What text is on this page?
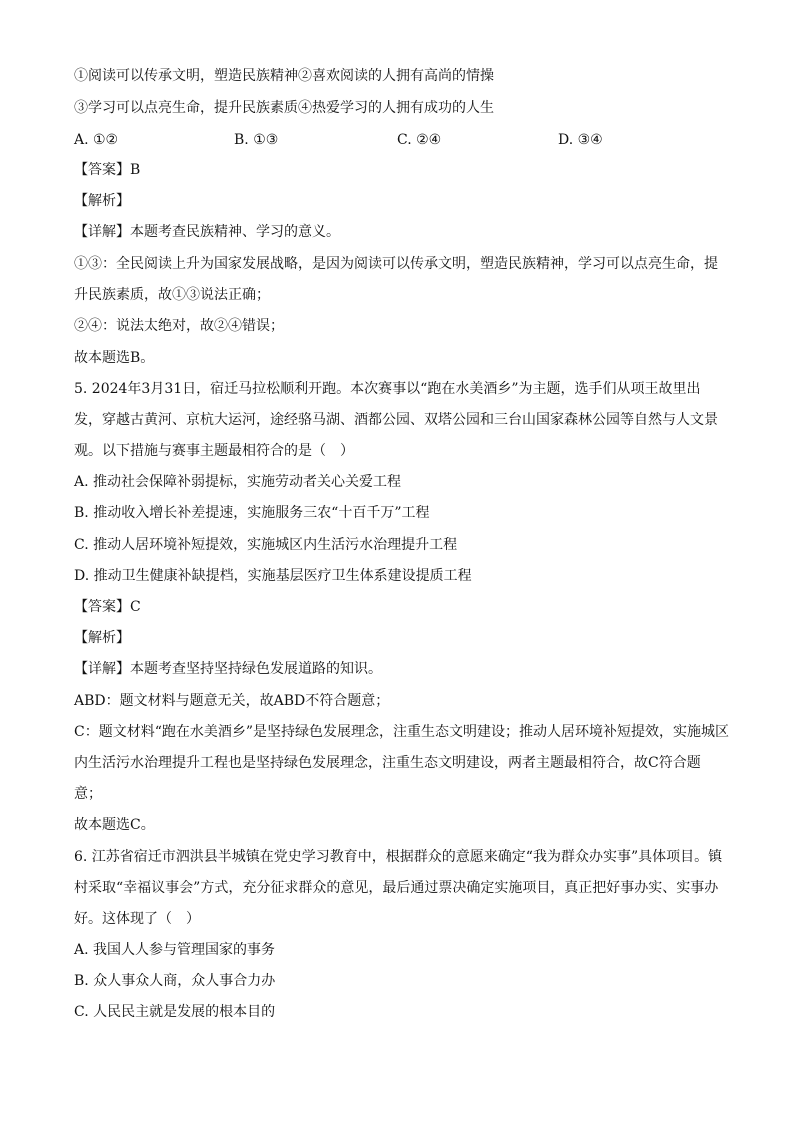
①阅读可以传承文明，塑造民族精神②喜欢阅读的人拥有高尚的情操
③学习可以点亮生命，提升民族素质④热爱学习的人拥有成功的人生
A. ①②	B. ①③	C. ②④	D. ③④
【答案】B
【解析】
【详解】本题考查民族精神、学习的意义。
①③：全民阅读上升为国家发展战略，是因为阅读可以传承文明，塑造民族精神，学习可以点亮生命，提
升民族素质，故①③说法正确；
②④：说法太绝对，故②④错误；
故本题选B。
5. 2024年3月31日，宿迁马拉松顺利开跑。本次赛事以“跑在水美酒乡”为主题，选手们从项王故里出
发，穿越古黄河、京杭大运河，途经骆马湖、酒都公园、双塔公园和三台山国家森林公园等自然与人文景
观。以下措施与赛事主题最相符合的是（　）
A. 推动社会保障补弱提标，实施劳动者关心关爱工程
B. 推动收入增长补差提速，实施服务三农“十百千万”工程
C. 推动人居环境补短提效，实施城区内生活污水治理提升工程
D. 推动卫生健康补缺提档，实施基层医疗卫生体系建设提质工程
【答案】C
【解析】
【详解】本题考查坚持坚持绿色发展道路的知识。
ABD：题文材料与题意无关，故ABD不符合题意；
C：题文材料“跑在水美酒乡”是坚持绿色发展理念，注重生态文明建设；推动人居环境补短提效，实施城区
内生活污水治理提升工程也是坚持绿色发展理念，注重生态文明建设，两者主题最相符合，故C符合题
意；
故本题选C。
6. 江苏省宿迁市泗洪县半城镇在党史学习教育中，根据群众的意愿来确定“我为群众办实事”具体项目。镇
村采取“幸福议事会”方式，充分征求群众的意见，最后通过票决确定实施项目，真正把好事办实、实事办
好。这体现了（　）
A. 我国人人参与管理国家的事务
B. 众人事众人商，众人事合力办
C. 人民民主就是发展的根本目的
